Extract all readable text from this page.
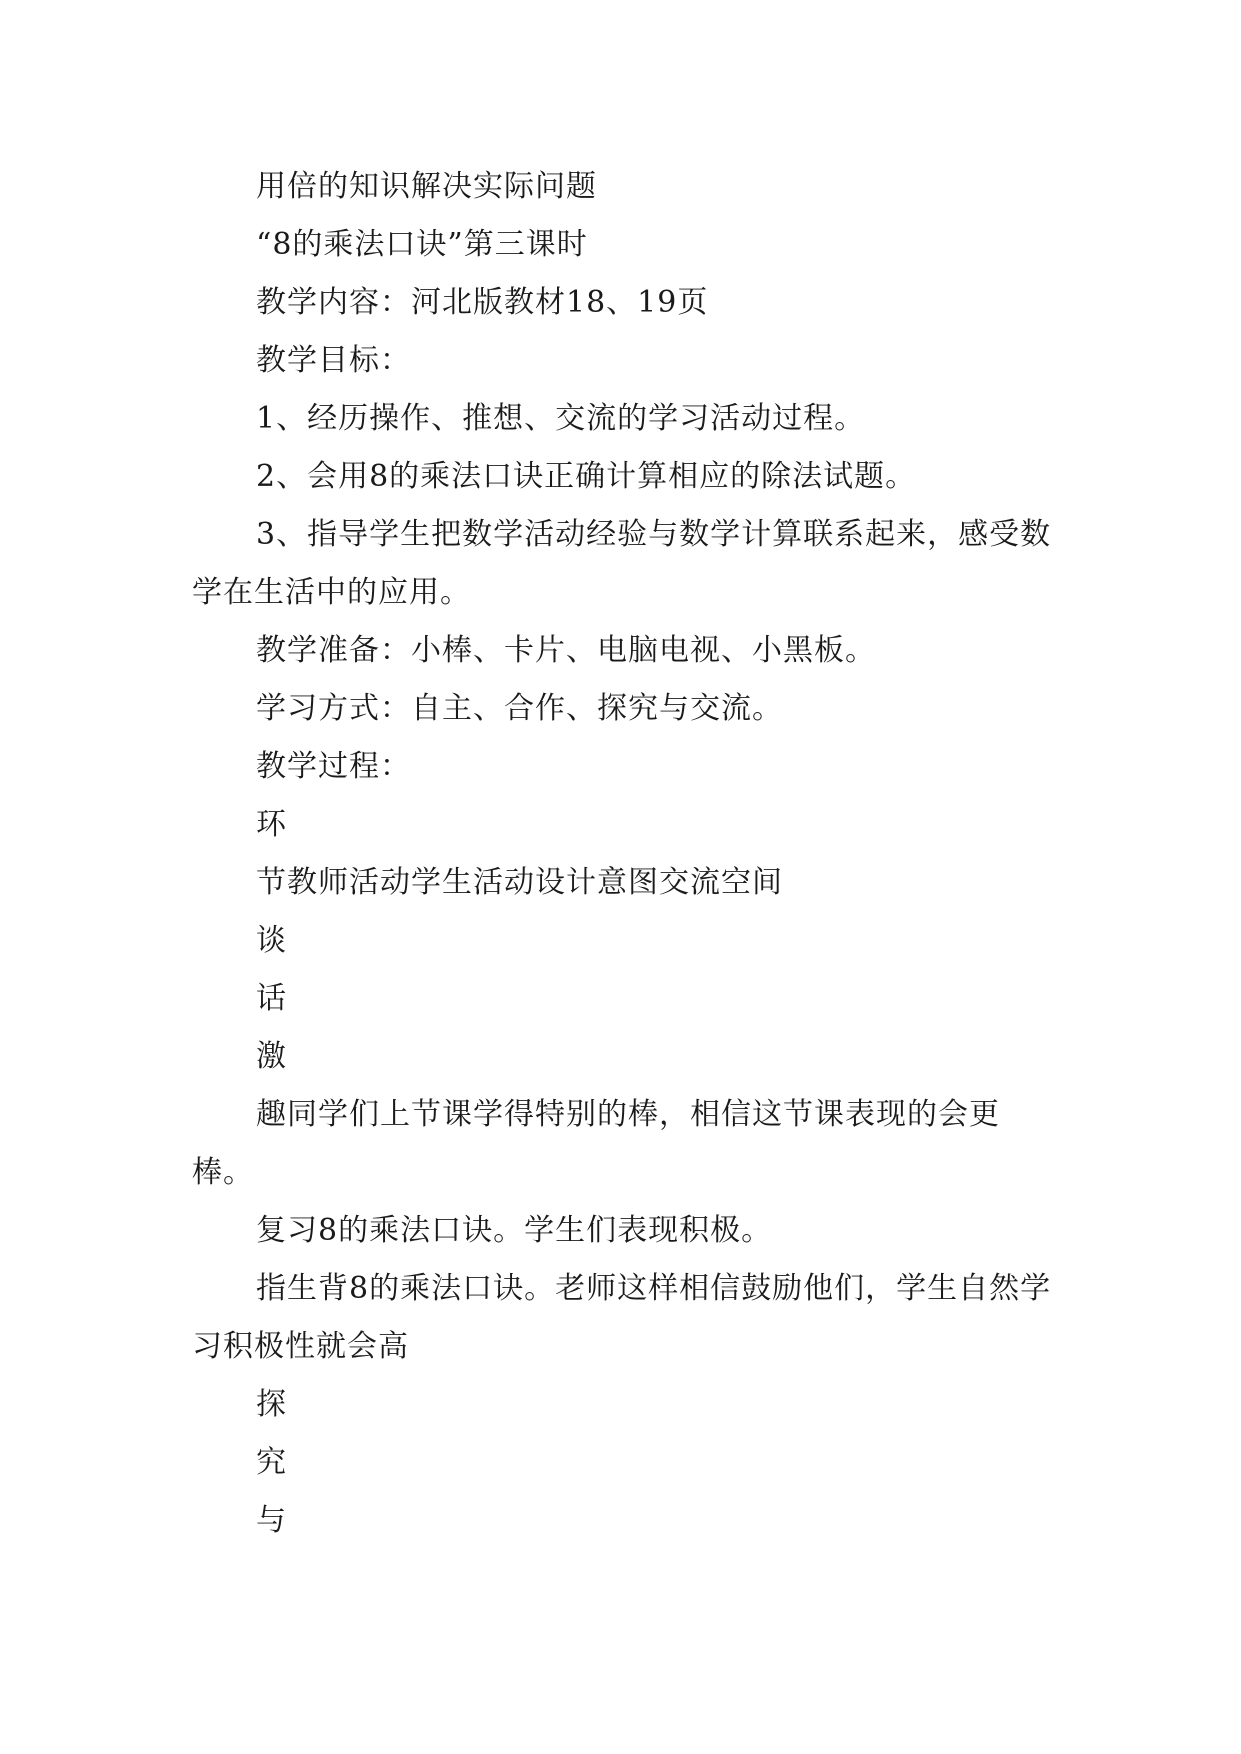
用倍的知识解决实际问题

“8的乘法口诀”第三课时

教学内容：河北版教材18、19页

教学目标：

1、经历操作、推想、交流的学习活动过程。

2、会用8的乘法口诀正确计算相应的除法试题。

3、指导学生把数学活动经验与数学计算联系起来，感受数学在生活中的应用。

教学准备：小棒、卡片、电脑电视、小黑板。

学习方式：自主、合作、探究与交流。

教学过程：

环

节教师活动学生活动设计意图交流空间

谈

话

激

趣同学们上节课学得特别的棒，相信这节课表现的会更棒。

复习8的乘法口诀。学生们表现积极。

指生背8的乘法口诀。老师这样相信鼓励他们，学生自然学习积极性就会高

探

究

与
